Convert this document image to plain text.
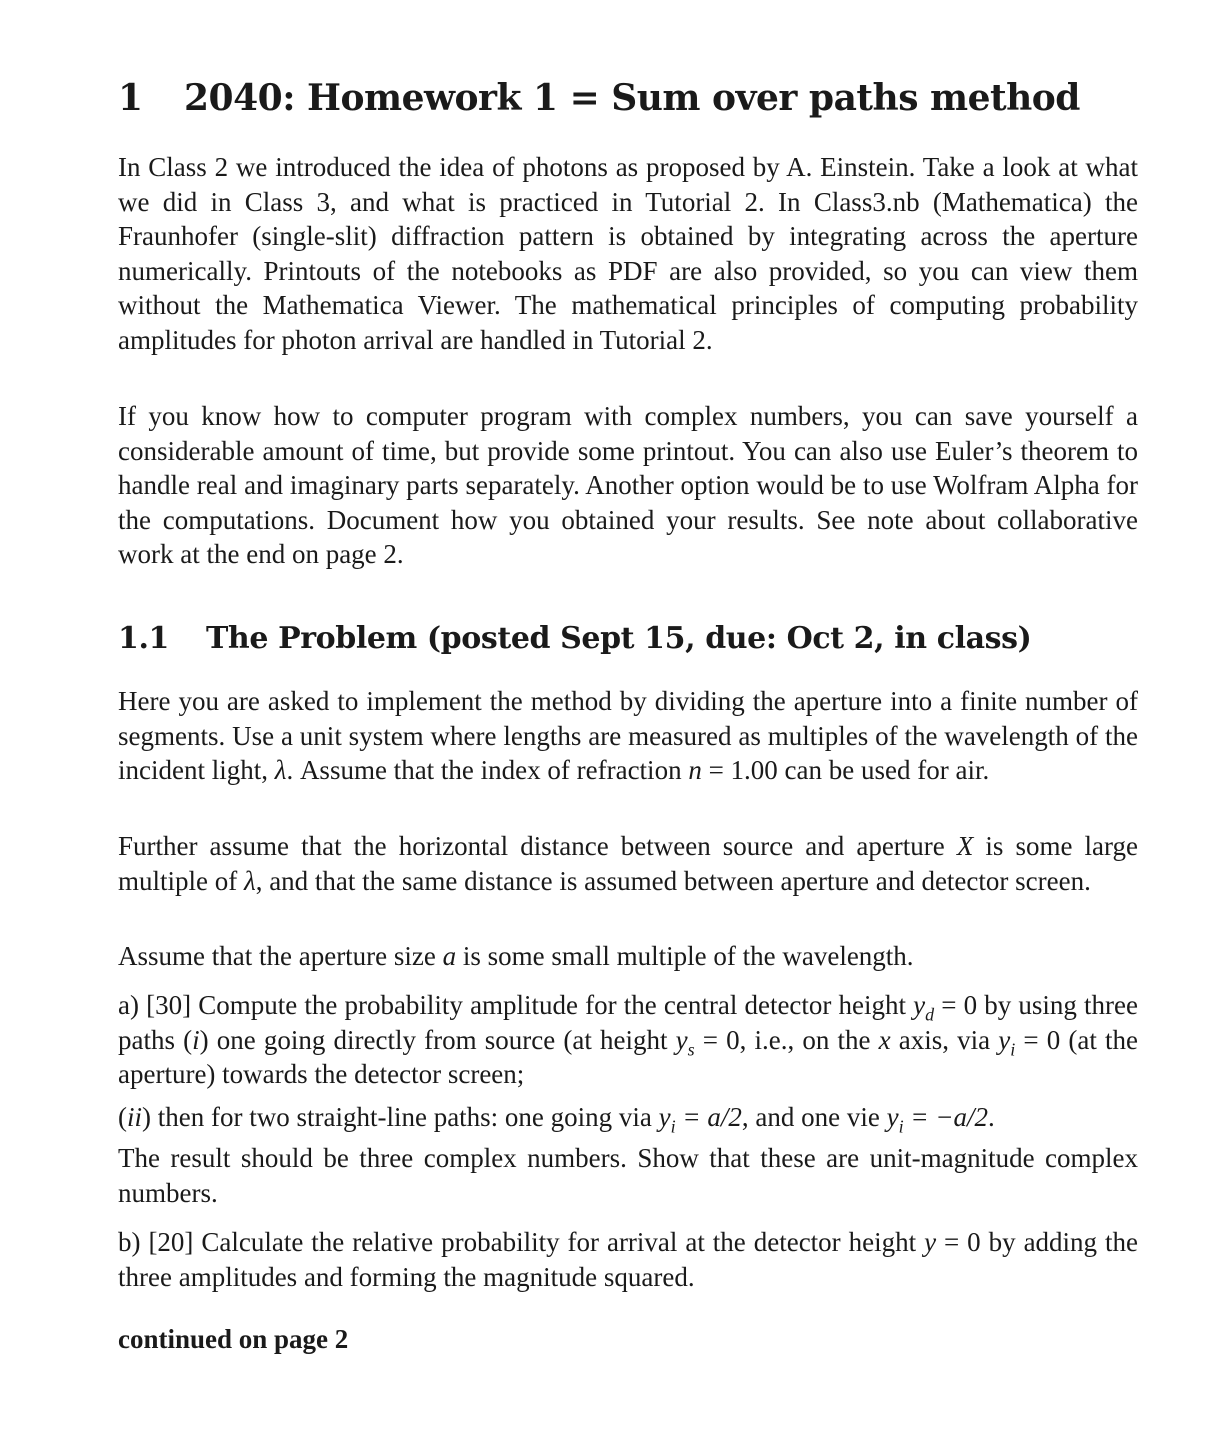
1 2040: Homework 1 = Sum over paths method

In Class 2 we introduced the idea of photons as proposed by A. Einstein. Take a look at what we did in Class 3, and what is practiced in Tutorial 2. In Class3.nb (Mathematica) the Fraunhofer (single-slit) diffraction pattern is obtained by integrating across the aperture numerically. Printouts of the notebooks as PDF are also provided, so you can view them without the Mathematica Viewer. The mathematical principles of computing probability amplitudes for photon arrival are handled in Tutorial 2.

If you know how to computer program with complex numbers, you can save yourself a considerable amount of time, but provide some printout. You can also use Euler’s theorem to handle real and imaginary parts separately. Another option would be to use Wolfram Alpha for the computations. Document how you obtained your results. See note about collaborative work at the end on page 2.

1.1 The Problem (posted Sept 15, due: Oct 2, in class)

Here you are asked to implement the method by dividing the aperture into a finite number of segments. Use a unit system where lengths are measured as multiples of the wavelength of the incident light, λ. Assume that the index of refraction n = 1.00 can be used for air.

Further assume that the horizontal distance between source and aperture X is some large multiple of λ, and that the same distance is assumed between aperture and detector screen.

Assume that the aperture size a is some small multiple of the wavelength.

a) [30] Compute the probability amplitude for the central detector height $y_d = 0$ by using three paths (i) one going directly from source (at height $y_s = 0$, i.e., on the x axis, via $y_i = 0$ (at the aperture) towards the detector screen;

(ii) then for two straight-line paths: one going via $y_i = a/2$, and one vie $y_i = -a/2$.

The result should be three complex numbers. Show that these are unit-magnitude complex numbers.

b) [20] Calculate the relative probability for arrival at the detector height y = 0 by adding the three amplitudes and forming the magnitude squared.

continued on page 2
